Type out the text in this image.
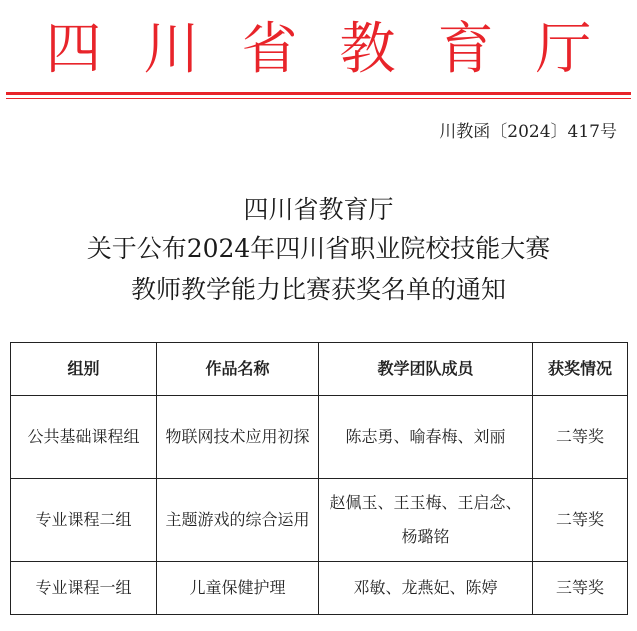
四川省教育厅
川教函〔2024〕417号
四川省教育厅
关于公布2024年四川省职业院校技能大赛
教师教学能力比赛获奖名单的通知
组别	作品名称	教学团队成员	获奖情况
公共基础课程组	物联网技术应用初探	陈志勇、喻春梅、刘丽	二等奖
专业课程二组	主题游戏的综合运用	赵佩玉、王玉梅、王启念、杨璐铭	二等奖
专业课程一组	儿童保健护理	邓敏、龙燕妃、陈婷	三等奖
